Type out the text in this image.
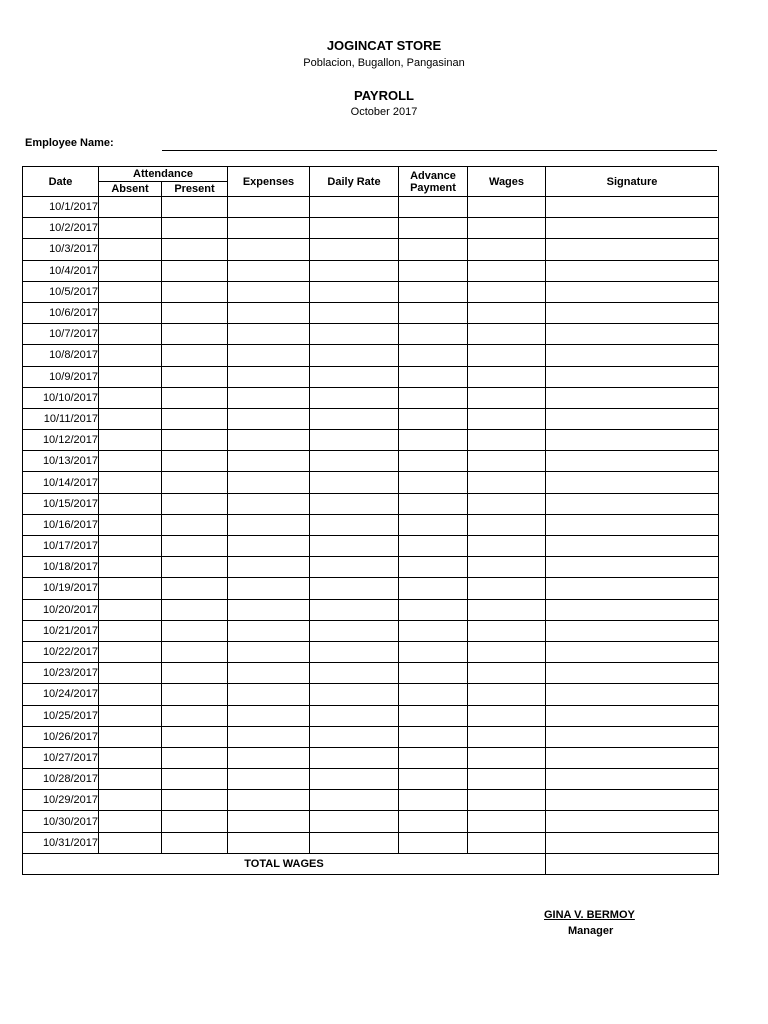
JOGINCAT STORE
Poblacion, Bugallon, Pangasinan
PAYROLL
October 2017
Employee Name:
Date	Attendance		Expenses	Daily Rate	Advance Payment	Wages	Signature
	Absent	Present					
10/1/2017							
10/2/2017							
10/3/2017							
10/4/2017							
10/5/2017							
10/6/2017							
10/7/2017							
10/8/2017							
10/9/2017							
10/10/2017							
10/11/2017							
10/12/2017							
10/13/2017							
10/14/2017							
10/15/2017							
10/16/2017							
10/17/2017							
10/18/2017							
10/19/2017							
10/20/2017							
10/21/2017							
10/22/2017							
10/23/2017							
10/24/2017							
10/25/2017							
10/26/2017							
10/27/2017							
10/28/2017							
10/29/2017							
10/30/2017							
10/31/2017							
TOTAL WAGES							
GINA V. BERMOY
Manager
